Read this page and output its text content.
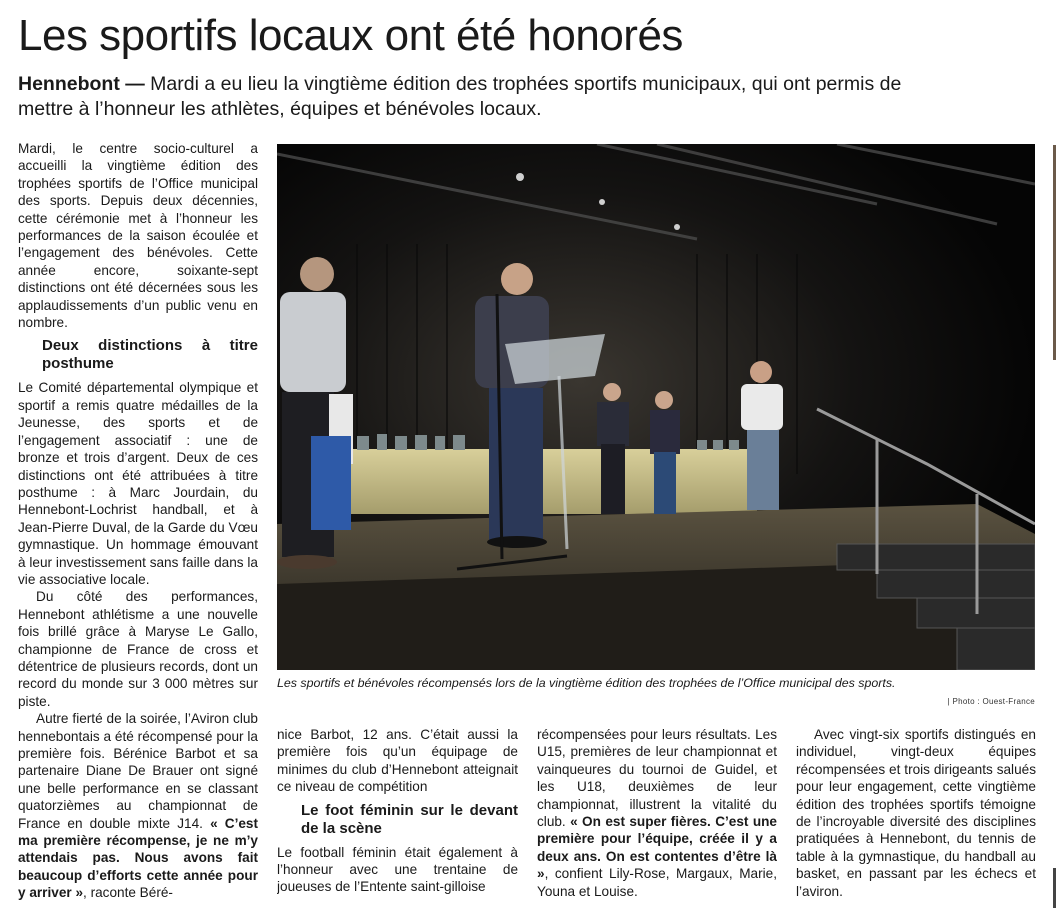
Les sportifs locaux ont été honorés

Hennebont — Mardi a eu lieu la vingtième édition des trophées sportifs municipaux, qui ont permis de mettre à l’honneur les athlètes, équipes et bénévoles locaux.

Mardi, le centre socio-culturel a accueilli la vingtième édition des trophées sportifs de l’Office municipal des sports. Depuis deux décennies, cette cérémonie met à l’honneur les performances de la saison écoulée et l’engagement des bénévoles. Cette année encore, soixante-sept distinctions ont été décernées sous les applaudissements d’un public venu en nombre.

Deux distinctions à titre posthume

Le Comité départemental olympique et sportif a remis quatre médailles de la Jeunesse, des sports et de l’engagement associatif : une de bronze et trois d’argent. Deux de ces distinctions ont été attribuées à titre posthume : à Marc Jourdain, du Hennebont-Lochrist handball, et à Jean-Pierre Duval, de la Garde du Vœu gymnastique. Un hommage émouvant à leur investissement sans faille dans la vie associative locale.

Du côté des performances, Hennebont athlétisme a une nouvelle fois brillé grâce à Maryse Le Gallo, championne de France de cross et détentrice de plusieurs records, dont un record du monde sur 3 000 mètres sur piste.

Autre fierté de la soirée, l’Aviron club hennebontais a été récompensé pour la première fois. Bérénice Barbot et sa partenaire Diane De Brauer ont signé une belle performance en se classant quatorzièmes au championnat de France en double mixte J14. « C’est ma première récompense, je ne m’y attendais pas. Nous avons fait beaucoup d’efforts cette année pour y arriver », raconte Béré-

Les sportifs et bénévoles récompensés lors de la vingtième édition des trophées de l’Office municipal des sports.

| Photo : Ouest-France

nice Barbot, 12 ans. C’était aussi la première fois qu’un équipage de minimes du club d’Hennebont atteignait ce niveau de compétition

Le foot féminin sur le devant de la scène

Le football féminin était également à l’honneur avec une trentaine de joueuses de l’Entente saint-gilloise

récompensées pour leurs résultats. Les U15, premières de leur championnat et vainqueures du tournoi de Guidel, et les U18, deuxièmes de leur championnat, illustrent la vitalité du club. « On est super fières. C’est une première pour l’équipe, créée il y a deux ans. On est contentes d’être là », confient Lily-Rose, Margaux, Marie, Youna et Louise.

Avec vingt-six sportifs distingués en individuel, vingt-deux équipes récompensées et trois dirigeants salués pour leur engagement, cette vingtième édition des trophées sportifs témoigne de l’incroyable diversité des disciplines pratiquées à Hennebont, du tennis de table à la gymnastique, du handball au basket, en passant par les échecs et l’aviron.
